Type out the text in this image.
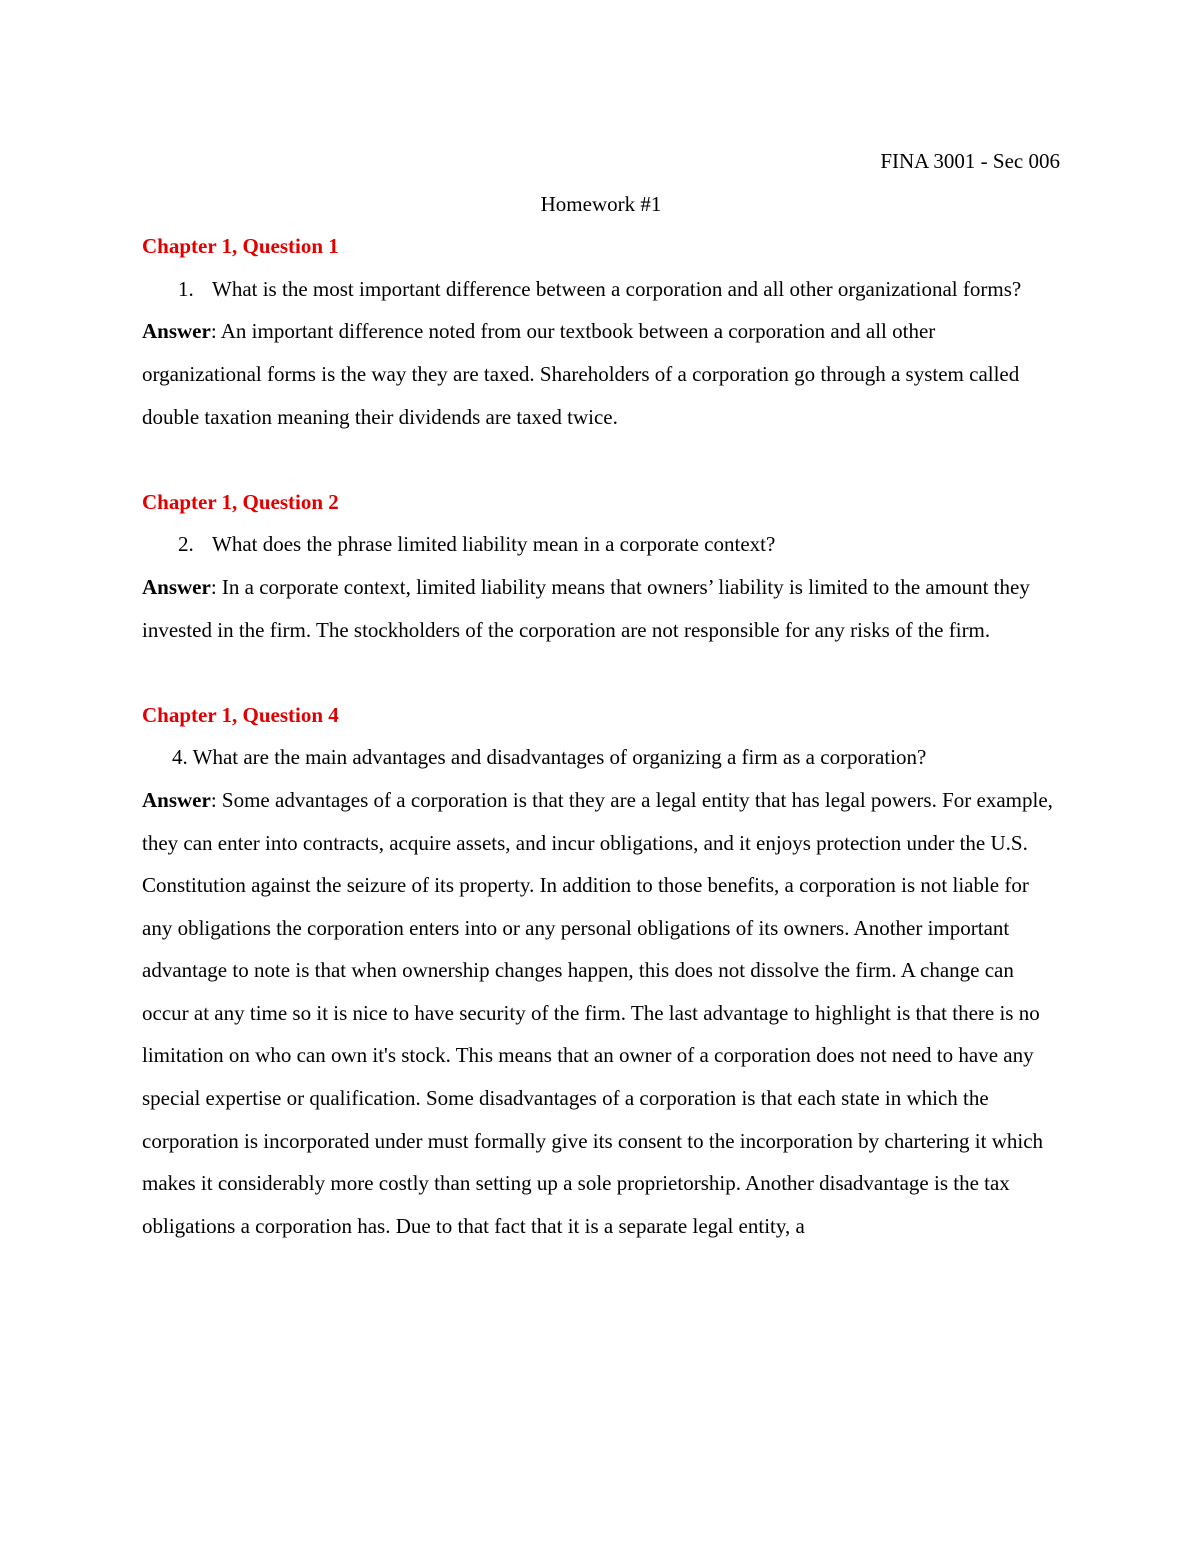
FINA 3001 - Sec 006

Homework #1

Chapter 1, Question 1

1. What is the most important difference between a corporation and all other organizational forms?

Answer: An important difference noted from our textbook between a corporation and all other organizational forms is the way they are taxed. Shareholders of a corporation go through a system called double taxation meaning their dividends are taxed twice.

Chapter 1, Question 2

2. What does the phrase limited liability mean in a corporate context?

Answer: In a corporate context, limited liability means that owners’ liability is limited to the amount they invested in the firm. The stockholders of the corporation are not responsible for any risks of the firm.

Chapter 1, Question 4

4. What are the main advantages and disadvantages of organizing a firm as a corporation?

Answer: Some advantages of a corporation is that they are a legal entity that has legal powers. For example, they can enter into contracts, acquire assets, and incur obligations, and it enjoys protection under the U.S. Constitution against the seizure of its property. In addition to those benefits, a corporation is not liable for any obligations the corporation enters into or any personal obligations of its owners. Another important advantage to note is that when ownership changes happen, this does not dissolve the firm. A change can occur at any time so it is nice to have security of the firm. The last advantage to highlight is that there is no limitation on who can own it's stock. This means that an owner of a corporation does not need to have any special expertise or qualification. Some disadvantages of a corporation is that each state in which the corporation is incorporated under must formally give its consent to the incorporation by chartering it which makes it considerably more costly than setting up a sole proprietorship. Another disadvantage is the tax obligations a corporation has. Due to that fact that it is a separate legal entity, a
